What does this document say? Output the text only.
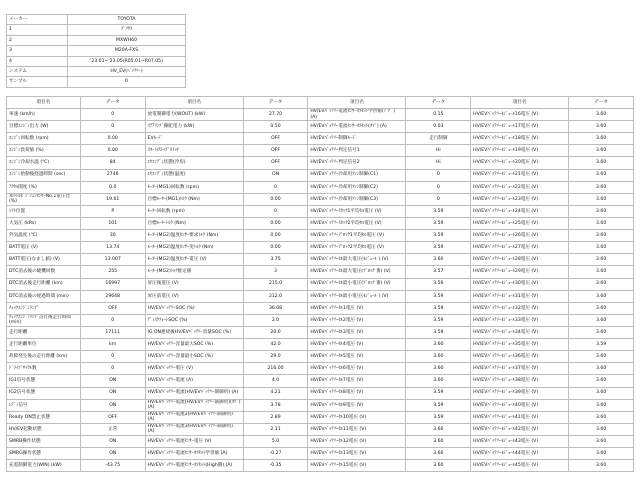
メーカー	TOYOTA
1	ﾌﾟﾘｳｽ
2	MXWH60
3	M20A-FXS
4	'23.01~'23.05(R05.01~R07.05)
システム	HV_EV(ﾊﾞｯﾃﾘｰ)
サンプル	0
項目名	データ	項目名	データ	項目名	データ	項目名	データ
車速 (km/h)	0	放電制御電力(WOUT) (kW)	27.70	HV/EVﾊﾞｯﾃﾘｰ電流ｾﾝｻｰｵﾌｾｯﾄ学習値(ｱ ｸﾞ ) (A)	0.15	HV/EVﾊﾞｯﾃﾘｰﾓｼﾞｭｰﾙ16電圧 (V)	3.60
目標ｴﾝｼﾞﾝ出力 (W)	0	ｽﾃｱﾘﾝｸﾞ操舵電力 (kW)	0.50	HV/EVﾊﾞｯﾃﾘｰ電流ｾﾝｻｰｵﾌｾｯﾄ(ﾀﾌﾞ) (A)	0.03	HV/EVﾊﾞｯﾃﾘｰﾓｼﾞｭｰﾙ17電圧 (V)	3.60
ｴﾝｼﾞﾝ回転数 (rpm)	0.00	EVﾓｰﾄﾞ	OFF	HV/EVﾊﾞｯﾃﾘｰ制御ﾓｰﾄﾞ	走行制御	HV/EVﾊﾞｯﾃﾘｰﾓｼﾞｭｰﾙ18電圧 (V)	3.60
ｴﾝｼﾞﾝ負荷値 (%)	0.00	ｽﾀｰﾄ/ｽﾄｯﾌﾟｽｲｯﾁ	OFF	HV/EVﾊﾞｯﾃﾘｰ判定信号1	Hi	HV/EVﾊﾞｯﾃﾘｰﾓｼﾞｭｰﾙ19電圧 (V)	3.60
ｴﾝｼﾞﾝ冷却水温 (℃)	84	ｴﾔｺﾝﾃﾞｨ状態(冷房)	OFF	HV/EVﾊﾞｯﾃﾘｰ判定信号2	Hi	HV/EVﾊﾞｯﾃﾘｰﾓｼﾞｭｰﾙ20電圧 (V)	3.60
ｴﾝｼﾞﾝ始動後経過時間 (sec)	2746	ｴﾔｺﾝﾃﾞｨ状態(温度)	ON	HV/EVﾊﾞｯﾃﾘｰ冷却用ﾌｧﾝ制御(C1)	0	HV/EVﾊﾞｯﾃﾘｰﾓｼﾞｭｰﾙ21電圧 (V)	3.60
ｱｸｾﾙ開度 (%)	0.0	ﾓｰﾀｰ(MG1)回転数 (rpm)	0	HV/EVﾊﾞｯﾃﾘｰ冷却用ﾌｧﾝ制御(C2)	0	HV/EVﾊﾞｯﾃﾘｰﾓｼﾞｭｰﾙ22電圧 (V)	3.60
ｽﾛｯﾄﾙﾎﾟｼﾞｼｮﾝｾﾝｻｰNo.1電圧比 (%)	19.61	目標ﾓｰﾀｰ(MG1)ﾄﾙｸ (Nm)	0.00	HV/EVﾊﾞｯﾃﾘｰ冷却用ﾌｧﾝ制御(C3)	0	HV/EVﾊﾞｯﾃﾘｰﾓｼﾞｭｰﾙ23電圧 (V)	3.60
ｼﾌﾄ位置	P	ﾓｰﾀｰ回転数 (rpm)	0	HV/EVﾊﾞｯﾃﾘｰｽﾀｯｸ1平均ｾﾙ電圧 (V)	3.59	HV/EVﾊﾞｯﾃﾘｰﾓｼﾞｭｰﾙ24電圧 (V)	3.60
大気圧 (kPa)	101	目標ﾓｰﾀｰﾄﾙｸ (Nm)	0.00	HV/EVﾊﾞｯﾃﾘｰｽﾀｯｸ2平均ｾﾙ電圧 (V)	3.59	HV/EVﾊﾞｯﾃﾘｰﾓｼﾞｭｰﾙ25電圧 (V)	3.60
外気温度 (℃)	30	ﾓｰﾀｰ(MG2)温度ｾﾝｻｰ要求ﾄﾙｸ (Nm)	0.00	HV/EVﾊﾞｯﾃﾘｰﾌﾞﾛｯｸ1平均ｾﾙ電圧 (V)	3.59	HV/EVﾊﾞｯﾃﾘｰﾓｼﾞｭｰﾙ26電圧 (V)	3.60
BATT電圧 (V)	13.74	ﾓｰﾀｰ(MG2)温度ｾﾝｻｰ実ﾄﾙｸ (Nm)	0.00	HV/EVﾊﾞｯﾃﾘｰﾌﾞﾛｯｸ2平均ｾﾙ電圧 (V)	3.59	HV/EVﾊﾞｯﾃﾘｰﾓｼﾞｭｰﾙ27電圧 (V)	3.60
BATT電圧(なまし値) (V)	13.007	ﾓｰﾀｰ(MG2)温度ｾﾝｻｰ電圧 (V)	3.75	HV/EVﾊﾞｯﾃﾘｰｾﾙ最大電圧(ﾓｼﾞｭｰﾙ ) (V)	3.60	HV/EVﾊﾞｯﾃﾘｰﾓｼﾞｭｰﾙ28電圧 (V)	3.60
DTC消去後の暖機回数	255	ﾓｰﾀｰ(MG2)ﾄﾙｸ推定値	3	HV/EVﾊﾞｯﾃﾘｰｾﾙ最大電圧(ﾌﾞﾛｯｸ 番) (V)	3.57	HV/EVﾊﾞｯﾃﾘｰﾓｼﾞｭｰﾙ29電圧 (V)	3.60
DTC消去後走行距離 (km)	16997	昇圧後電圧 (V)	215.0	HV/EVﾊﾞｯﾃﾘｰｾﾙ最小電圧(ﾌﾞﾛｯｸ 番) (V)	3.56	HV/EVﾊﾞｯﾃﾘｰﾓｼﾞｭｰﾙ30電圧 (V)	3.60
DTC消去後の経過時間 (min)	29648	昇圧前電圧 (V)	212.0	HV/EVﾊﾞｯﾃﾘｰｾﾙ最小電圧(ﾓｼﾞｭｰﾙ ) (V)	3.59	HV/EVﾊﾞｯﾃﾘｰﾓｼﾞｭｰﾙ31電圧 (V)	3.60
ﾁｪｯｸｴﾝｼﾞﾝﾗﾝﾌﾟ	OFF	HV/EVﾊﾞｯﾃﾘｰSOC (%)	36.08	HV/EVﾊﾞｯﾃﾘｰｾﾙ1電圧 (V)	3.59	HV/EVﾊﾞｯﾃﾘｰﾓｼﾞｭｰﾙ32電圧 (V)	3.60
ﾁｪｯｸｴﾝｼﾞﾝﾗﾝﾌﾟ点灯後走行時間 (min)	0	ﾃﾞｨｽｸﾌｫｰﾄSOC (%)	2.0	HV/EVﾊﾞｯﾃﾘｰｾﾙ2電圧 (V)	3.59	HV/EVﾊﾞｯﾃﾘｰﾓｼﾞｭｰﾙ33電圧 (V)	3.60
走行距離	17111	IG ON連続後HV/EVﾊﾞｯﾃﾘｰ容量SOC (%)	20.0	HV/EVﾊﾞｯﾃﾘｰｾﾙ3電圧 (V)	3.59	HV/EVﾊﾞｯﾃﾘｰﾓｼﾞｭｰﾙ34電圧 (V)	3.60
走行距離単位	km	HV/EVﾊﾞｯﾃﾘｰ容量最大SOC (%)	42.0	HV/EVﾊﾞｯﾃﾘｰｾﾙ4電圧 (V)	3.60	HV/EVﾊﾞｯﾃﾘｰﾓｼﾞｭｰﾙ35電圧 (V)	3.59
故障発生後の走行距離 (km)	0	HV/EVﾊﾞｯﾃﾘｰ容量最小SOC (%)	29.0	HV/EVﾊﾞｯﾃﾘｰｾﾙ5電圧 (V)	3.60	HV/EVﾊﾞｯﾃﾘｰﾓｼﾞｭｰﾙ36電圧 (V)	3.60
ﾄﾞﾗｲﾌﾞｻｲｸﾙ数	0	HV/EVﾊﾞｯﾃﾘｰ電圧 (V)	216.00	HV/EVﾊﾞｯﾃﾘｰｾﾙ6電圧 (V)	3.60	HV/EVﾊﾞｯﾃﾘｰﾓｼﾞｭｰﾙ37電圧 (V)	3.60
IG1信号状態	ON	HV/EVﾊﾞｯﾃﾘｰ電流 (A)	4.0	HV/EVﾊﾞｯﾃﾘｰｾﾙ7電圧 (V)	3.60	HV/EVﾊﾞｯﾃﾘｰﾓｼﾞｭｰﾙ38電圧 (V)	3.60
IG2信号状態	ON	HV/EVﾊﾞｯﾃﾘｰ電流(HV/EVﾊﾞｯﾃﾘｰ制御用) (A)	4.21	HV/EVﾊﾞｯﾃﾘｰｾﾙ8電圧 (V)	3.59	HV/EVﾊﾞｯﾃﾘｰﾓｼﾞｭｰﾙ39電圧 (V)	3.60
ﾚﾃﾞｨ信号	ON	HV/EVﾊﾞｯﾃﾘｰ電流(HV/EVﾊﾞｯﾃﾘｰ制御用)(ﾀﾌﾞ) (A)	3.78	HV/EVﾊﾞｯﾃﾘｰｾﾙ9電圧 (V)	3.59	HV/EVﾊﾞｯﾃﾘｰﾓｼﾞｭｰﾙ40電圧 (V)	3.60
Ready ON禁止状態	OFF	HV/EVﾊﾞｯﾃﾘｰ電流2(HV/EVﾊﾞｯﾃﾘｰ制御用) (A)	2.89	HV/EVﾊﾞｯﾃﾘｰｾﾙ10電圧 (V)	3.59	HV/EVﾊﾞｯﾃﾘｰﾓｼﾞｭｰﾙ41電圧 (V)	3.60
HV/EV起動状態	正常	HV/EVﾊﾞｯﾃﾘｰ電流3(HV/EVﾊﾞｯﾃﾘｰ制御用) (A)	2.11	HV/EVﾊﾞｯﾃﾘｰｾﾙ11電圧 (V)	3.60	HV/EVﾊﾞｯﾃﾘｰﾓｼﾞｭｰﾙ42電圧 (V)	3.60
SMRB操作状態	ON	HV/EVﾊﾞｯﾃﾘｰ電流ｾﾝｻｰ電圧 (V)	5.0	HV/EVﾊﾞｯﾃﾘｰｾﾙ12電圧 (V)	3.60	HV/EVﾊﾞｯﾃﾘｰﾓｼﾞｭｰﾙ43電圧 (V)	3.60
SMRG操作状態	ON	HV/EVﾊﾞｯﾃﾘｰ電流ｾﾝｻｰｵﾌｾｯﾄ学習値 (A)	-0.27	HV/EVﾊﾞｯﾃﾘｰｾﾙ13電圧 (V)	3.60	HV/EVﾊﾞｯﾃﾘｰﾓｼﾞｭｰﾙ44電圧 (V)	3.60
充電制御電力(WIN) (kW)	-43.75	HV/EVﾊﾞｯﾃﾘｰ電流ｾﾝｻｰｵﾌｾｯﾄ(High側) (A)	-0.35	HV/EVﾊﾞｯﾃﾘｰｾﾙ15電圧 (V)	3.60	HV/EVﾊﾞｯﾃﾘｰﾓｼﾞｭｰﾙ45電圧 (V)	3.60
